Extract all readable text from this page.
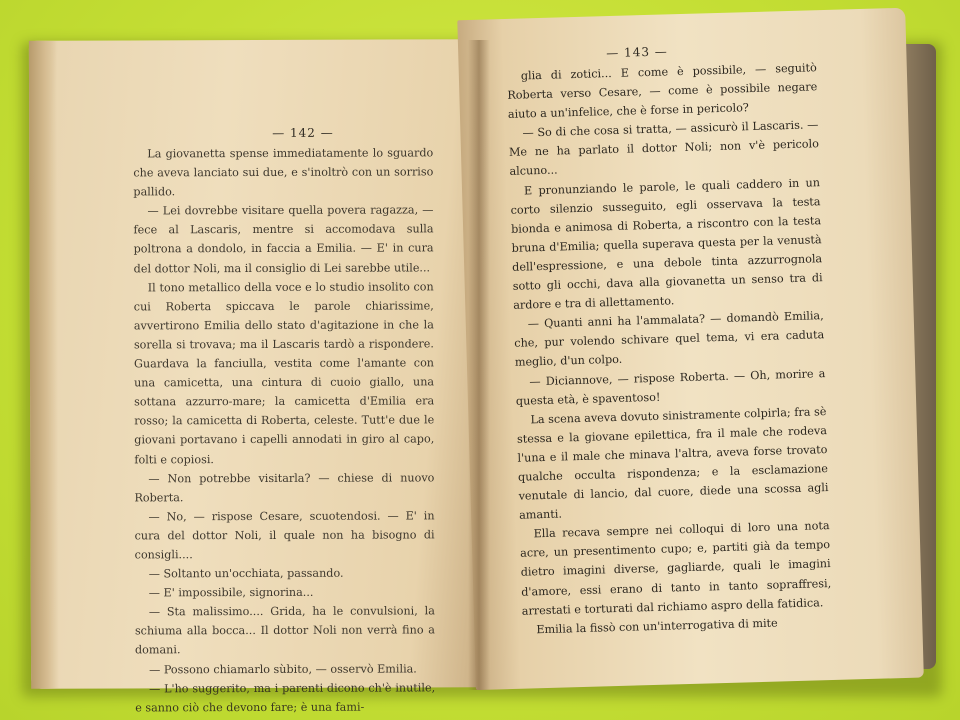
— 142 —

La giovanetta spense immediatamente lo sguardo che aveva lanciato sui due, e s'inoltrò con un sorriso pallido.

— Lei dovrebbe visitare quella povera ragazza, — fece al Lascaris, mentre si accomodava sulla poltrona a dondolo, in faccia a Emilia. — E' in cura del dottor Noli, ma il consiglio di Lei sarebbe utile...

Il tono metallico della voce e lo studio insolito con cui Roberta spiccava le parole chiarissime, avvertirono Emilia dello stato d'agitazione in che la sorella si trovava; ma il Lascaris tardò a rispondere. Guardava la fanciulla, vestita come l'amante con una camicetta, una cintura di cuoio giallo, una sottana azzurro-mare; la camicetta d'Emilia era rosso; la camicetta di Roberta, celeste. Tutt'e due le giovani portavano i capelli annodati in giro al capo, folti e copiosi.

— Non potrebbe visitarla? — chiese di nuovo Roberta.

— No, — rispose Cesare, scuotendosi. — E' in cura del dottor Noli, il quale non ha bisogno di consigli....

— Soltanto un'occhiata, passando.

— E' impossibile, signorina...

— Sta malissimo.... Grida, ha le convulsioni, la schiuma alla bocca... Il dottor Noli non verrà fino a domani.

— Possono chiamarlo sùbito, — osservò Emilia.

— L'ho suggerito, ma i parenti dicono ch'è inutile, e sanno ciò che devono fare; è una fami-

— 143 —

glia di zotici... E come è possibile, — seguitò Roberta verso Cesare, — come è possibile negare aiuto a un'infelice, che è forse in pericolo?

— So di che cosa si tratta, — assicurò il Lascaris. — Me ne ha parlato il dottor Noli; non v'è pericolo alcuno...

E pronunziando le parole, le quali caddero in un corto silenzio susseguito, egli osservava la testa bionda e animosa di Roberta, a riscontro con la testa bruna d'Emilia; quella superava questa per la venustà dell'espressione, e una debole tinta azzurrognola sotto gli occhi, dava alla giovanetta un senso tra di ardore e tra di allettamento.

— Quanti anni ha l'ammalata? — domandò Emilia, che, pur volendo schivare quel tema, vi era caduta meglio, d'un colpo.

— Diciannove, — rispose Roberta. — Oh, morire a questa età, è spaventoso!

La scena aveva dovuto sinistramente colpirla; fra sè stessa e la giovane epilettica, fra il male che rodeva l'una e il male che minava l'altra, aveva forse trovato qualche occulta rispondenza; e la esclamazione venutale di lancio, dal cuore, diede una scossa agli amanti.

Ella recava sempre nei colloqui di loro una nota acre, un presentimento cupo; e, partiti già da tempo dietro imagini diverse, gagliarde, quali le imagini d'amore, essi erano di tanto in tanto sopraffresi, arrestati e torturati dal richiamo aspro della fatidica.

Emilia la fissò con un'interrogativa di mite
